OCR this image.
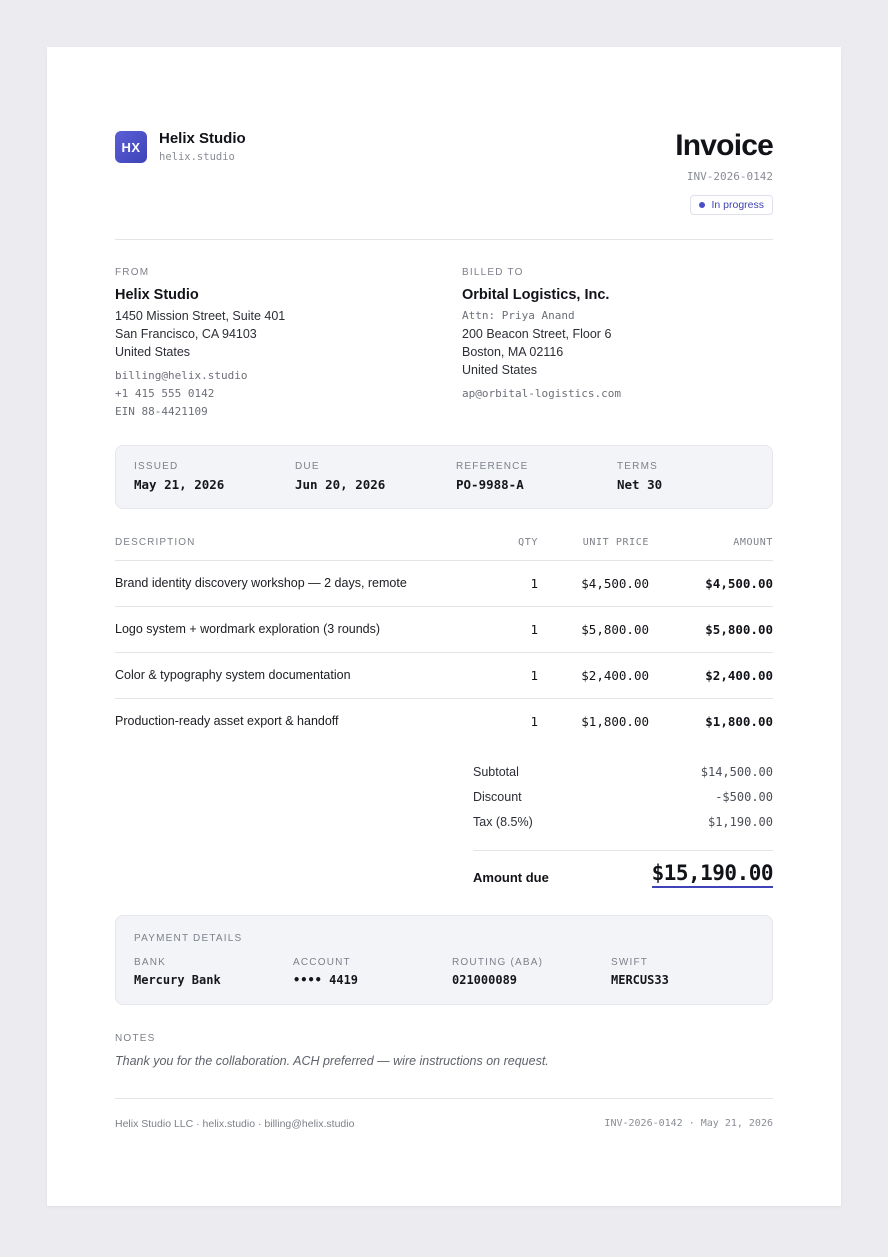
HX	Helix Studio
helix.studio	Invoice
INV-2026-0142
In progress
FROM
Helix Studio
1450 Mission Street, Suite 401
San Francisco, CA 94103
United States
billing@helix.studio
+1 415 555 0142
EIN 88-4421109
BILLED TO
Orbital Logistics, Inc.
Attn: Priya Anand
200 Beacon Street, Floor 6
Boston, MA 02116
United States
ap@orbital-logistics.com
ISSUED
May 21, 2026
DUE
Jun 20, 2026
REFERENCE
PO-9988-A
TERMS
Net 30
DESCRIPTION	QTY	UNIT PRICE	AMOUNT
Brand identity discovery workshop — 2 days, remote	1	$4,500.00	$4,500.00
Logo system + wordmark exploration (3 rounds)	1	$5,800.00	$5,800.00
Color & typography system documentation	1	$2,400.00	$2,400.00
Production-ready asset export & handoff	1	$1,800.00	$1,800.00
Subtotal	$14,500.00
Discount	-$500.00
Tax (8.5%)	$1,190.00
Amount due	$15,190.00
PAYMENT DETAILS
BANK
Mercury Bank
ACCOUNT
•••• 4419
ROUTING (ABA)
021000089
SWIFT
MERCUS33
NOTES
Thank you for the collaboration. ACH preferred — wire instructions on request.
Helix Studio LLC · helix.studio · billing@helix.studio	INV-2026-0142 · May 21, 2026
